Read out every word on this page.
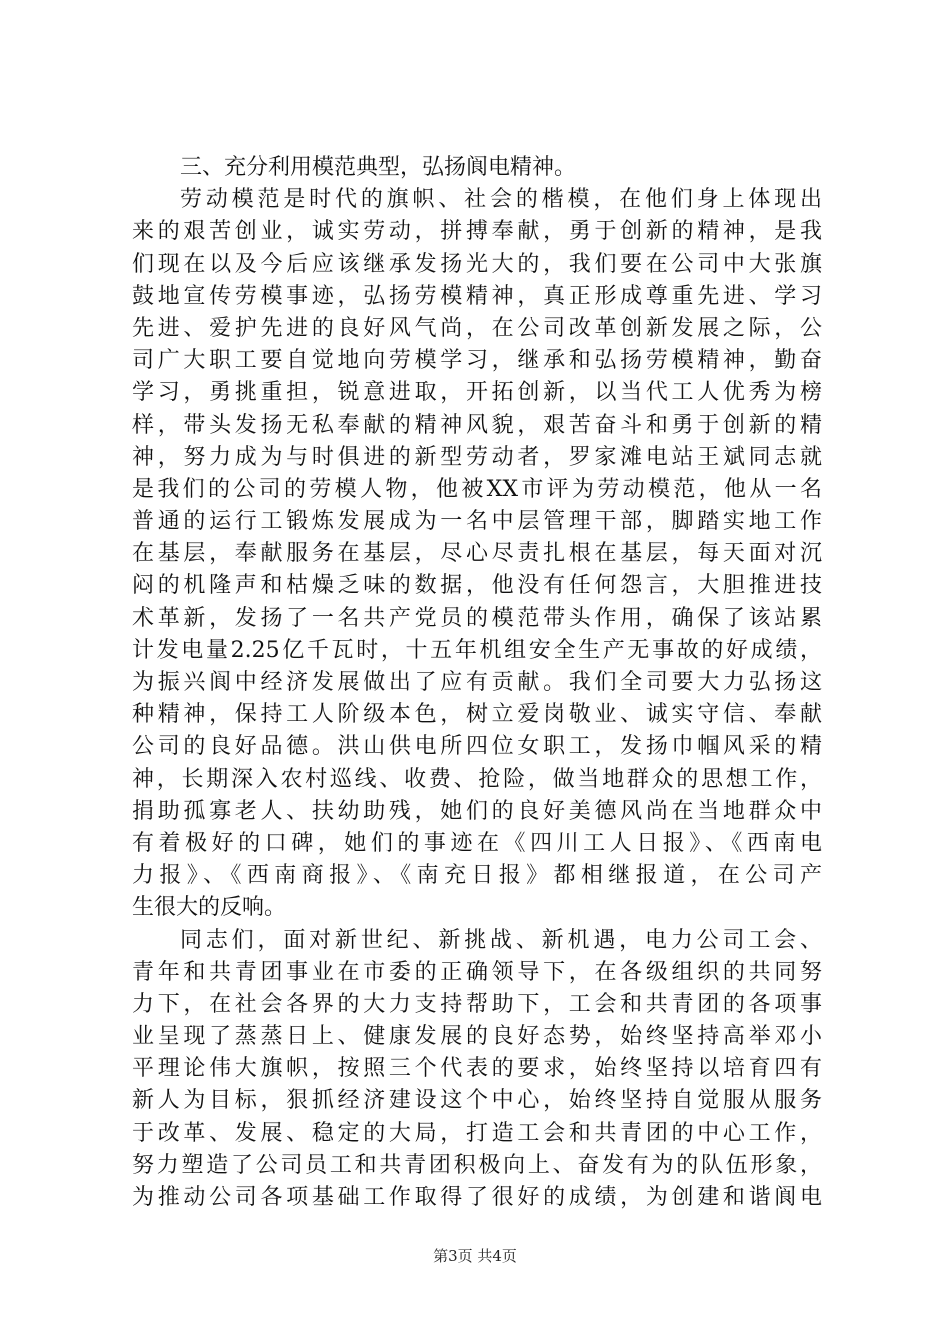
三、充分利用模范典型，弘扬阆电精神。
劳动模范是时代的旗帜、社会的楷模，在他们身上体现出
来的艰苦创业，诚实劳动，拼搏奉献，勇于创新的精神，是我
们现在以及今后应该继承发扬光大的，我们要在公司中大张旗
鼓地宣传劳模事迹，弘扬劳模精神，真正形成尊重先进、学习
先进、爱护先进的良好风气尚，在公司改革创新发展之际，公
司广大职工要自觉地向劳模学习，继承和弘扬劳模精神，勤奋
学习，勇挑重担，锐意进取，开拓创新，以当代工人优秀为榜
样，带头发扬无私奉献的精神风貌，艰苦奋斗和勇于创新的精
神，努力成为与时俱进的新型劳动者，罗家滩电站王斌同志就
是我们的公司的劳模人物，他被XX市评为劳动模范，他从一名
普通的运行工锻炼发展成为一名中层管理干部，脚踏实地工作
在基层，奉献服务在基层，尽心尽责扎根在基层，每天面对沉
闷的机隆声和枯燥乏味的数据，他没有任何怨言，大胆推进技
术革新，发扬了一名共产党员的模范带头作用，确保了该站累
计发电量2.25亿千瓦时，十五年机组安全生产无事故的好成绩，
为振兴阆中经济发展做出了应有贡献。我们全司要大力弘扬这
种精神，保持工人阶级本色，树立爱岗敬业、诚实守信、奉献
公司的良好品德。洪山供电所四位女职工，发扬巾帼风采的精
神，长期深入农村巡线、收费、抢险，做当地群众的思想工作，
捐助孤寡老人、扶幼助残，她们的良好美德风尚在当地群众中
有着极好的口碑，她们的事迹在《四川工人日报》、《西南电
力报》、《西南商报》、《南充日报》都相继报道，在公司产
生很大的反响。
同志们，面对新世纪、新挑战、新机遇，电力公司工会、
青年和共青团事业在市委的正确领导下，在各级组织的共同努
力下，在社会各界的大力支持帮助下，工会和共青团的各项事
业呈现了蒸蒸日上、健康发展的良好态势，始终坚持高举邓小
平理论伟大旗帜，按照三个代表的要求，始终坚持以培育四有
新人为目标，狠抓经济建设这个中心，始终坚持自觉服从服务
于改革、发展、稳定的大局，打造工会和共青团的中心工作，
努力塑造了公司员工和共青团积极向上、奋发有为的队伍形象，
为推动公司各项基础工作取得了很好的成绩，为创建和谐阆电
第3页 共4页
